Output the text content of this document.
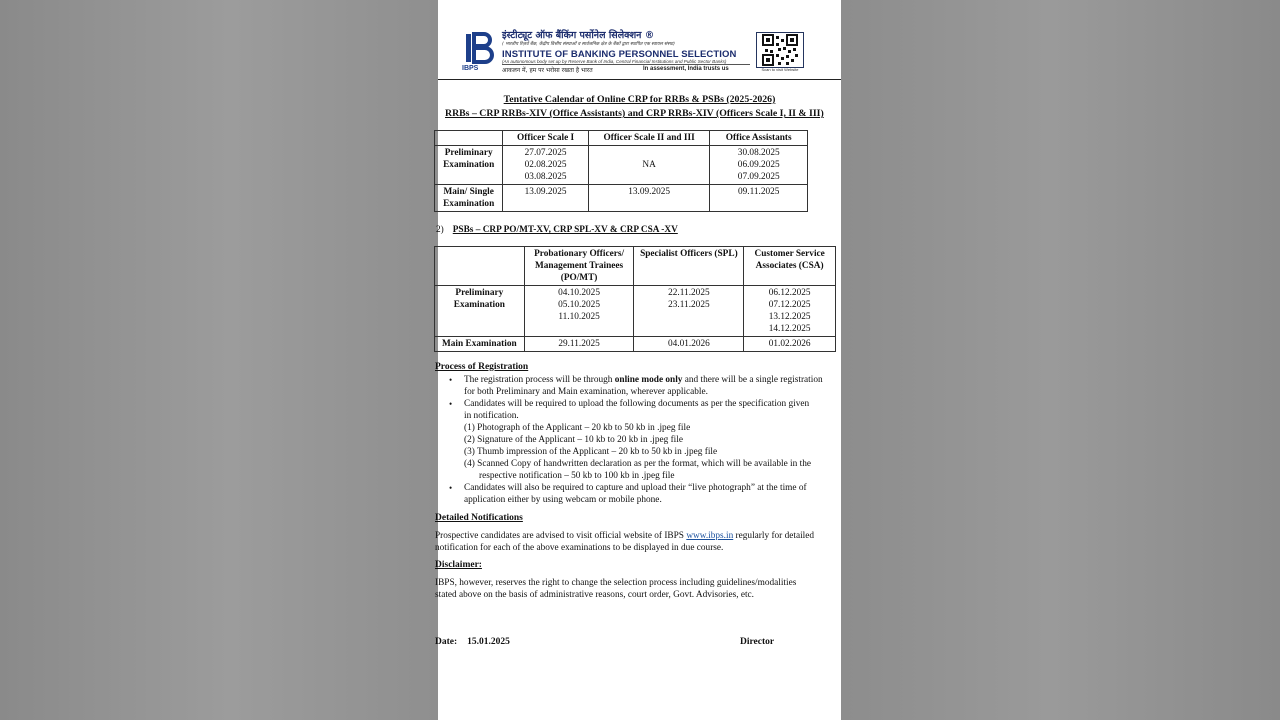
IBPS
इंस्टीट्यूट ऑफ बैंकिंग पर्सोनेल सिलेक्शन ®
( भारतीय रिज़र्व बैंक, केंद्रीय वित्तीय संस्थाओं व सार्वजनिक क्षेत्र के बैंकों द्वारा स्थापित एक स्वायत्त संस्था)
INSTITUTE OF BANKING PERSONNEL SELECTION
(An autonomous body set up by Reserve Bank of India, Central Financial Institutions and Public Sector Banks)
आकलन में, हम पर भरोसा रखता है भारत	In assessment, India trusts us	Scan to visit Website
Tentative Calendar of Online CRP for RRBs & PSBs (2025-2026)
RRBs – CRP RRBs-XIV (Office Assistants) and CRP RRBs-XIV (Officers Scale I, II & III)
	Officer Scale I	Officer Scale II and III	Office Assistants
Preliminary Examination	27.07.2025
02.08.2025
03.08.2025	NA	30.08.2025
06.09.2025
07.09.2025
Main/ Single Examination	13.09.2025	13.09.2025	09.11.2025
2) PSBs – CRP PO/MT-XV, CRP SPL-XV & CRP CSA -XV
	Probationary Officers/ Management Trainees (PO/MT)	Specialist Officers (SPL)	Customer Service Associates (CSA)
Preliminary Examination	04.10.2025
05.10.2025
11.10.2025	22.11.2025
23.11.2025	06.12.2025
07.12.2025
13.12.2025
14.12.2025
Main Examination	29.11.2025	04.01.2026	01.02.2026
Process of Registration
• The registration process will be through online mode only and there will be a single registration
for both Preliminary and Main examination, wherever applicable.
• Candidates will be required to upload the following documents as per the specification given
in notification.
(1) Photograph of the Applicant – 20 kb to 50 kb in .jpeg file
(2) Signature of the Applicant – 10 kb to 20 kb in .jpeg file
(3) Thumb impression of the Applicant – 20 kb to 50 kb in .jpeg file
(4) Scanned Copy of handwritten declaration as per the format, which will be available in the
respective notification – 50 kb to 100 kb in .jpeg file
• Candidates will also be required to capture and upload their “live photograph” at the time of
application either by using webcam or mobile phone.
Detailed Notifications
Prospective candidates are advised to visit official website of IBPS www.ibps.in regularly for detailed
notification for each of the above examinations to be displayed in due course.
Disclaimer:
IBPS, however, reserves the right to change the selection process including guidelines/modalities
stated above on the basis of administrative reasons, court order, Govt. Advisories, etc.
Date: 15.01.2025	Director
